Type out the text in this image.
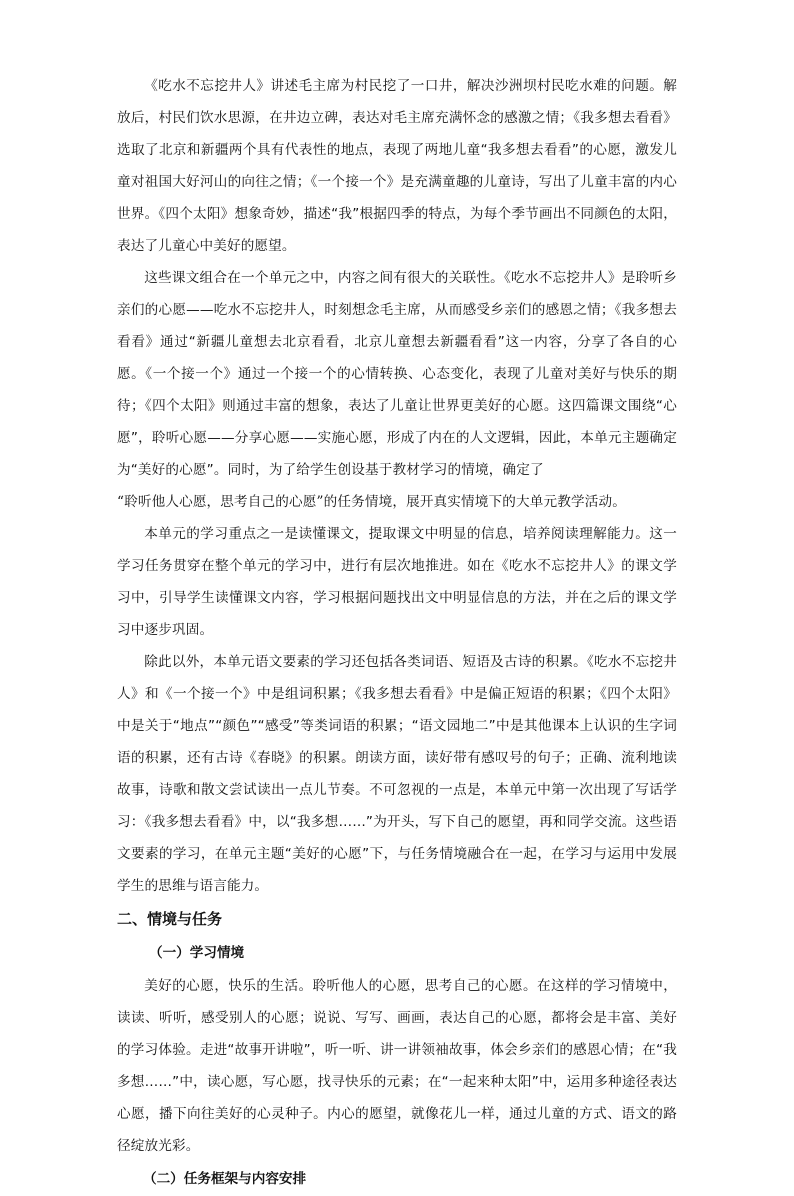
《吃水不忘挖井人》讲述毛主席为村民挖了一口井，解决沙洲坝村民吃水难的问题。解放后，村民们饮水思源，在井边立碑，表达对毛主席充满怀念的感激之情；《我多想去看看》选取了北京和新疆两个具有代表性的地点，表现了两地儿童“我多想去看看”的心愿，激发儿童对祖国大好河山的向往之情；《一个接一个》是充满童趣的儿童诗，写出了儿童丰富的内心世界。《四个太阳》想象奇妙，描述“我”根据四季的特点，为每个季节画出不同颜色的太阳，表达了儿童心中美好的愿望。

这些课文组合在一个单元之中，内容之间有很大的关联性。《吃水不忘挖井人》是聆听乡亲们的心愿——吃水不忘挖井人，时刻想念毛主席，从而感受乡亲们的感恩之情；《我多想去看看》通过“新疆儿童想去北京看看，北京儿童想去新疆看看”这一内容，分享了各自的心愿。《一个接一个》通过一个接一个的心情转换、心态变化，表现了儿童对美好与快乐的期待；《四个太阳》则通过丰富的想象，表达了儿童让世界更美好的心愿。这四篇课文围绕“心愿”，聆听心愿——分享心愿——实施心愿，形成了内在的人文逻辑，因此，本单元主题确定为“美好的心愿”。同时，为了给学生创设基于教材学习的情境，确定了

“聆听他人心愿，思考自己的心愿”的任务情境，展开真实情境下的大单元教学活动。

本单元的学习重点之一是读懂课文，提取课文中明显的信息，培养阅读理解能力。这一学习任务贯穿在整个单元的学习中，进行有层次地推进。如在《吃水不忘挖井人》的课文学习中，引导学生读懂课文内容，学习根据问题找出文中明显信息的方法，并在之后的课文学习中逐步巩固。

除此以外，本单元语文要素的学习还包括各类词语、短语及古诗的积累。《吃水不忘挖井人》和《一个接一个》中是组词积累；《我多想去看看》中是偏正短语的积累；《四个太阳》中是关于“地点”“颜色”“感受”等类词语的积累；“语文园地二”中是其他课本上认识的生字词语的积累，还有古诗《春晓》的积累。朗读方面，读好带有感叹号的句子；正确、流利地读故事，诗歌和散文尝试读出一点儿节奏。不可忽视的一点是，本单元中第一次出现了写话学习：《我多想去看看》中，以“我多想……”为开头，写下自己的愿望，再和同学交流。这些语文要素的学习，在单元主题“美好的心愿”下，与任务情境融合在一起，在学习与运用中发展学生的思维与语言能力。

二、情境与任务
（一）学习情境

美好的心愿，快乐的生活。聆听他人的心愿，思考自己的心愿。在这样的学习情境中，读读、听听，感受别人的心愿；说说、写写、画画，表达自己的心愿，都将会是丰富、美好的学习体验。走进“故事开讲啦”，听一听、讲一讲领袖故事，体会乡亲们的感恩心情；在“我多想……”中，读心愿，写心愿，找寻快乐的元素；在“一起来种太阳”中，运用多种途径表达心愿，播下向往美好的心灵种子。内心的愿望，就像花儿一样，通过儿童的方式、语文的路径绽放光彩。

（二）任务框架与内容安排
